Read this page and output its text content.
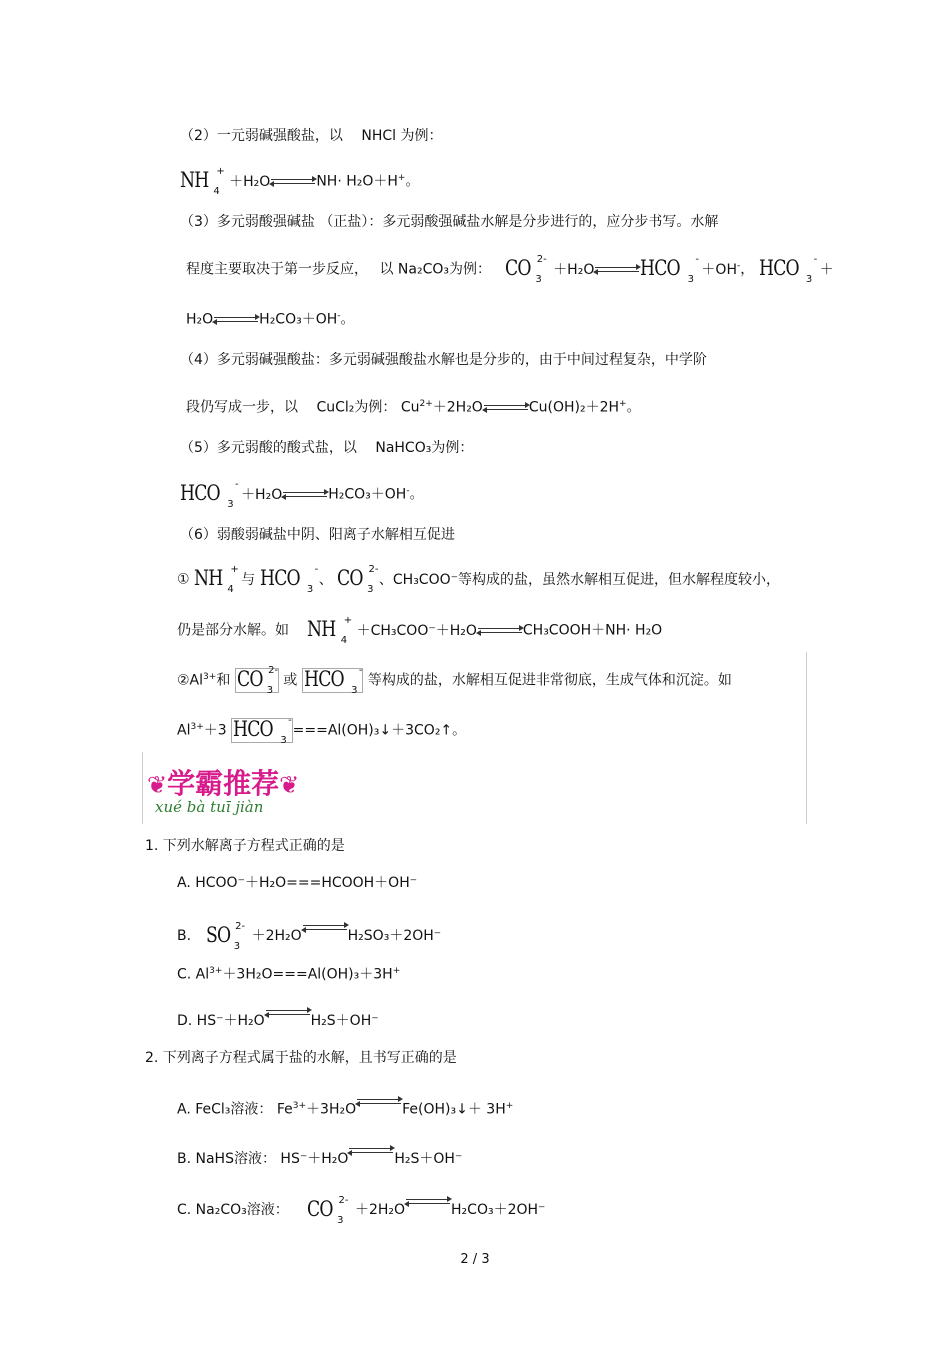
（2）一元弱碱强酸盐，以　 NHCl 为例：
NH +
4
＋H₂O	NH· H₂O＋H+。
（3）多元弱酸强碱盐 （正盐）：多元弱酸强碱盐水解是分步进行的，应分步书写。水解
程度主要取决于第一步反应，　 以 Na₂CO₃为例： CO 2-
3
＋H₂O HCO -
3
＋OH-， HCO -
3
＋
H₂O	H₂CO₃＋OH-。
（4）多元弱碱强酸盐：多元弱碱强酸盐水解也是分步的，由于中间过程复杂，中学阶
段仍写成一步，以　 CuCl₂为例： $Cu^{2+}+2H_2O$	Cu(OH)₂＋2H+。
（5）多元弱酸的酸式盐，以　 NaHCO₃为例：
HCO -
3
＋H₂O	H₂CO₃＋OH-。
（6）弱酸弱碱盐中阴、阳离子水解相互促进
① NH +
4
与 HCO -
3
、 CO 2-
3
、CH₃COO⁻等构成的盐，虽然水解相互促进，但水解程度较小，
仍是部分水解。如 NH +
4
＋CH₃COO⁻＋H₂O	CH₃COOH＋NH· H₂O
$②Al^{3+}$和 CO 2-
3
或 HCO -
3
等构成的盐，水解相互促进非常彻底，生成气体和沉淀。如
$Al^{3+}+3$ HCO -
3
===Al(OH)₃↓＋3CO₂↑。
❦学霸推荐❦
xué bà tuī jiàn
1. 下列水解离子方程式正确的是
A. HCOO⁻＋H₂O===HCOOH＋OH⁻
B. SO 2-
3
＋2H₂O	H₂SO₃＋2OH⁻
C. $Al^{3+}+3H_2O===Al(OH)_3+3H^+$
D. HS⁻＋H₂O	H₂S＋OH⁻
2. 下列离子方程式属于盐的水解，且书写正确的是
A. FeCl₃溶液： $Fe^{3+}+3H_2O$	Fe(OH)₃↓＋ 3H+
B. NaHS溶液： HS⁻＋H₂O	H₂S＋OH⁻
C. Na₂CO₃溶液： CO 2-
3
＋2H₂O	H₂CO₃＋2OH⁻
2 / 3
